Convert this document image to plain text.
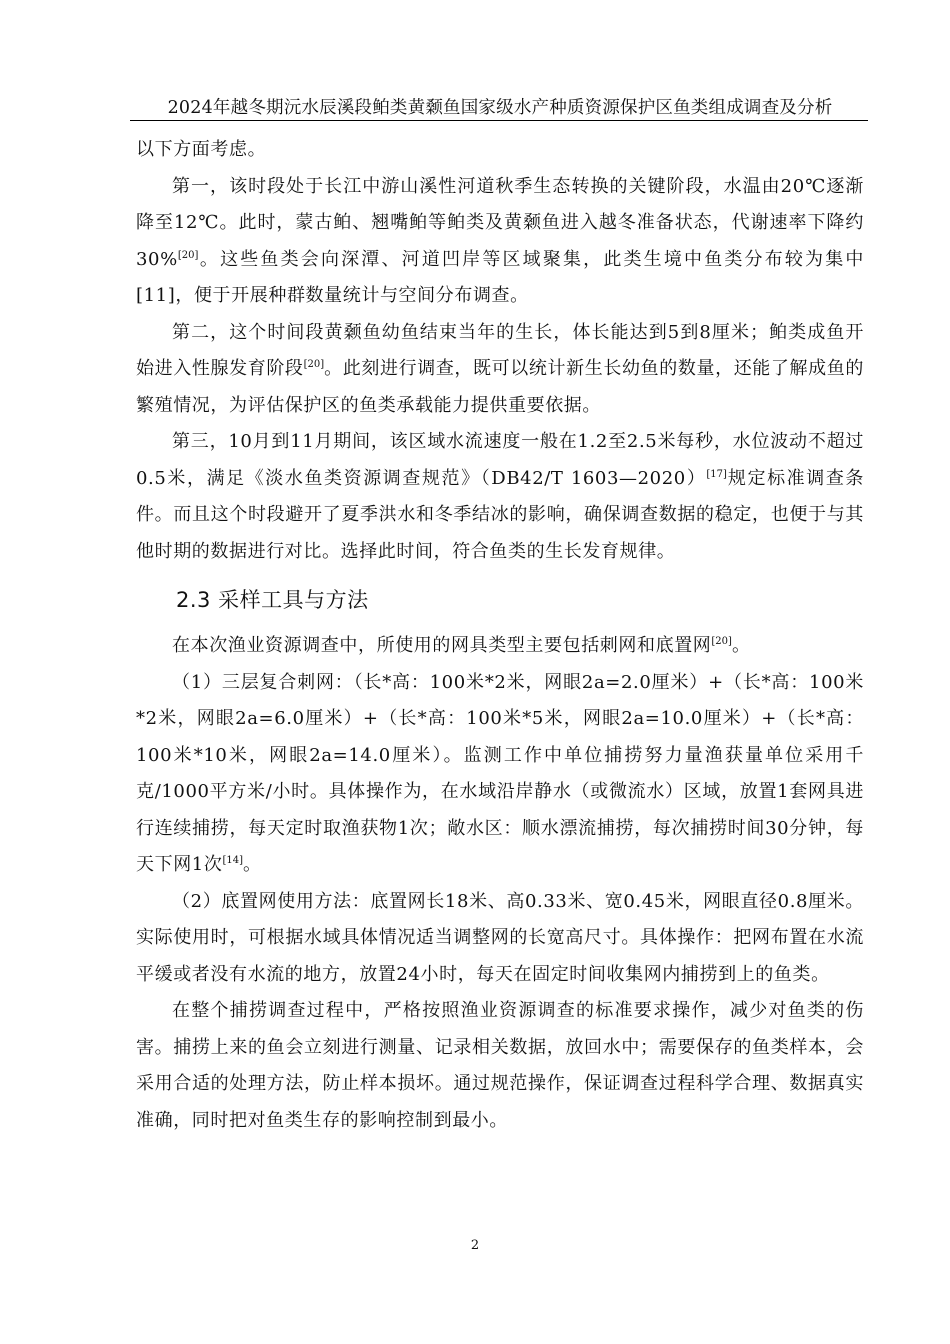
2024年越冬期沅水辰溪段鲌类黄颡鱼国家级水产种质资源保护区鱼类组成调查及分析

以下方面考虑。

第一，该时段处于长江中游山溪性河道秋季生态转换的关键阶段，水温由20℃逐渐降至12℃。此时，蒙古鲌、翘嘴鲌等鲌类及黄颡鱼进入越冬准备状态，代谢速率下降约30%[20]。这些鱼类会向深潭、河道凹岸等区域聚集，此类生境中鱼类分布较为集中[11]，便于开展种群数量统计与空间分布调查。

第二，这个时间段黄颡鱼幼鱼结束当年的生长，体长能达到5到8厘米；鲌类成鱼开始进入性腺发育阶段[20]。此刻进行调查，既可以统计新生长幼鱼的数量，还能了解成鱼的繁殖情况，为评估保护区的鱼类承载能力提供重要依据。

第三，10月到11月期间，该区域水流速度一般在1.2至2.5米每秒，水位波动不超过0.5米，满足《淡水鱼类资源调查规范》（DB42/T 1603—2020）[17]规定标准调查条件。而且这个时段避开了夏季洪水和冬季结冰的影响，确保调查数据的稳定，也便于与其他时期的数据进行对比。选择此时间，符合鱼类的生长发育规律。

2.3 采样工具与方法

在本次渔业资源调查中，所使用的网具类型主要包括刺网和底置网[20]。

（1）三层复合刺网：（长*高：100米*2米，网眼2a=2.0厘米）+（长*高：100米*2米，网眼2a=6.0厘米）+（长*高：100米*5米，网眼2a=10.0厘米）+（长*高：100米*10米，网眼2a=14.0厘米）。监测工作中单位捕捞努力量渔获量单位采用千克/1000平方米/小时。具体操作为，在水域沿岸静水（或微流水）区域，放置1套网具进行连续捕捞，每天定时取渔获物1次；敞水区：顺水漂流捕捞，每次捕捞时间30分钟，每天下网1次[14]。

（2）底置网使用方法：底置网长18米、高0.33米、宽0.45米，网眼直径0.8厘米。实际使用时，可根据水域具体情况适当调整网的长宽高尺寸。具体操作：把网布置在水流平缓或者没有水流的地方，放置24小时，每天在固定时间收集网内捕捞到上的鱼类。

在整个捕捞调查过程中，严格按照渔业资源调查的标准要求操作，减少对鱼类的伤害。捕捞上来的鱼会立刻进行测量、记录相关数据，放回水中；需要保存的鱼类样本，会采用合适的处理方法，防止样本损坏。通过规范操作，保证调查过程科学合理、数据真实准确，同时把对鱼类生存的影响控制到最小。

2
